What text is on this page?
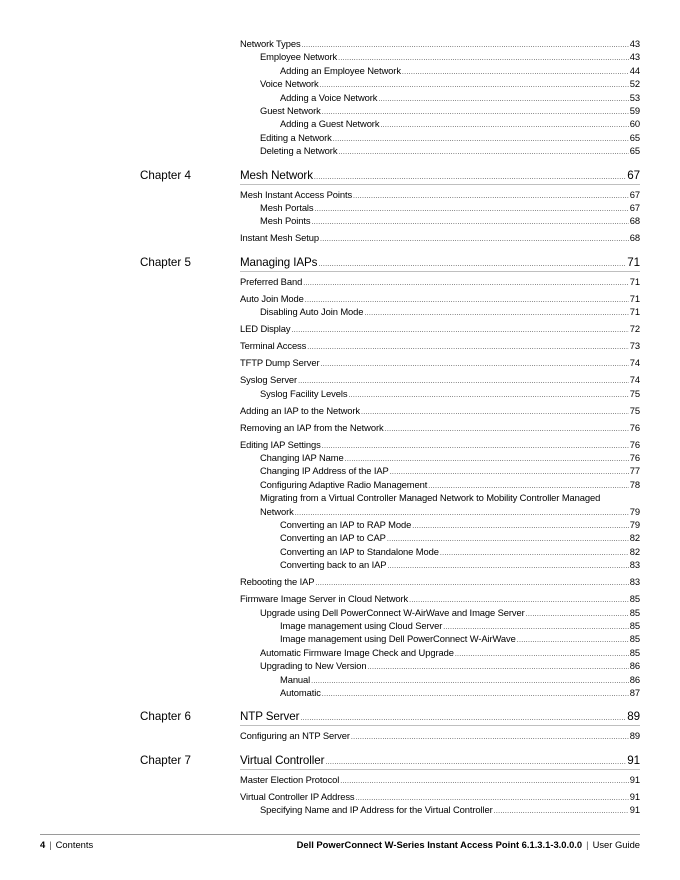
Network Types .....	43
Employee Network .....	43
Adding an Employee Network .....	44
Voice Network .....	52
Adding a Voice Network .....	53
Guest Network .....	59
Adding a Guest Network .....	60
Editing a Network .....	65
Deleting a Network .....	65
Chapter 4	Mesh Network .....	67
Mesh Instant Access Points .....	67
Mesh Portals .....	67
Mesh Points .....	68
Instant Mesh Setup .....	68
Chapter 5	Managing IAPs .....	71
Preferred Band .....	71
Auto Join Mode .....	71
Disabling Auto Join Mode .....	71
LED Display .....	72
Terminal Access .....	73
TFTP Dump Server .....	74
Syslog Server .....	74
Syslog Facility Levels .....	75
Adding an IAP to the Network .....	75
Removing an IAP from the Network .....	76
Editing IAP Settings .....	76
Changing IAP Name .....	76
Changing IP Address of the IAP .....	77
Configuring Adaptive Radio Management .....	78
Migrating from a Virtual Controller Managed Network to Mobility Controller Managed
Network .....	79
Converting an IAP to RAP Mode .....	79
Converting an IAP to CAP .....	82
Converting an IAP to Standalone Mode .....	82
Converting back to an IAP .....	83
Rebooting the IAP .....	83
Firmware Image Server in Cloud Network .....	85
Upgrade using Dell PowerConnect W-AirWave and Image Server .....	85
Image management using Cloud Server .....	85
Image management using Dell PowerConnect W-AirWave .....	85
Automatic Firmware Image Check and Upgrade .....	85
Upgrading to New Version .....	86
Manual .....	86
Automatic .....	87
Chapter 6	NTP Server .....	89
Configuring an NTP Server .....	89
Chapter 7	Virtual Controller .....	91
Master Election Protocol .....	91
Virtual Controller IP Address .....	91
Specifying Name and IP Address for the Virtual Controller .....	91
4 | Contents	Dell PowerConnect W-Series Instant Access Point 6.1.3.1-3.0.0.0 | User Guide
